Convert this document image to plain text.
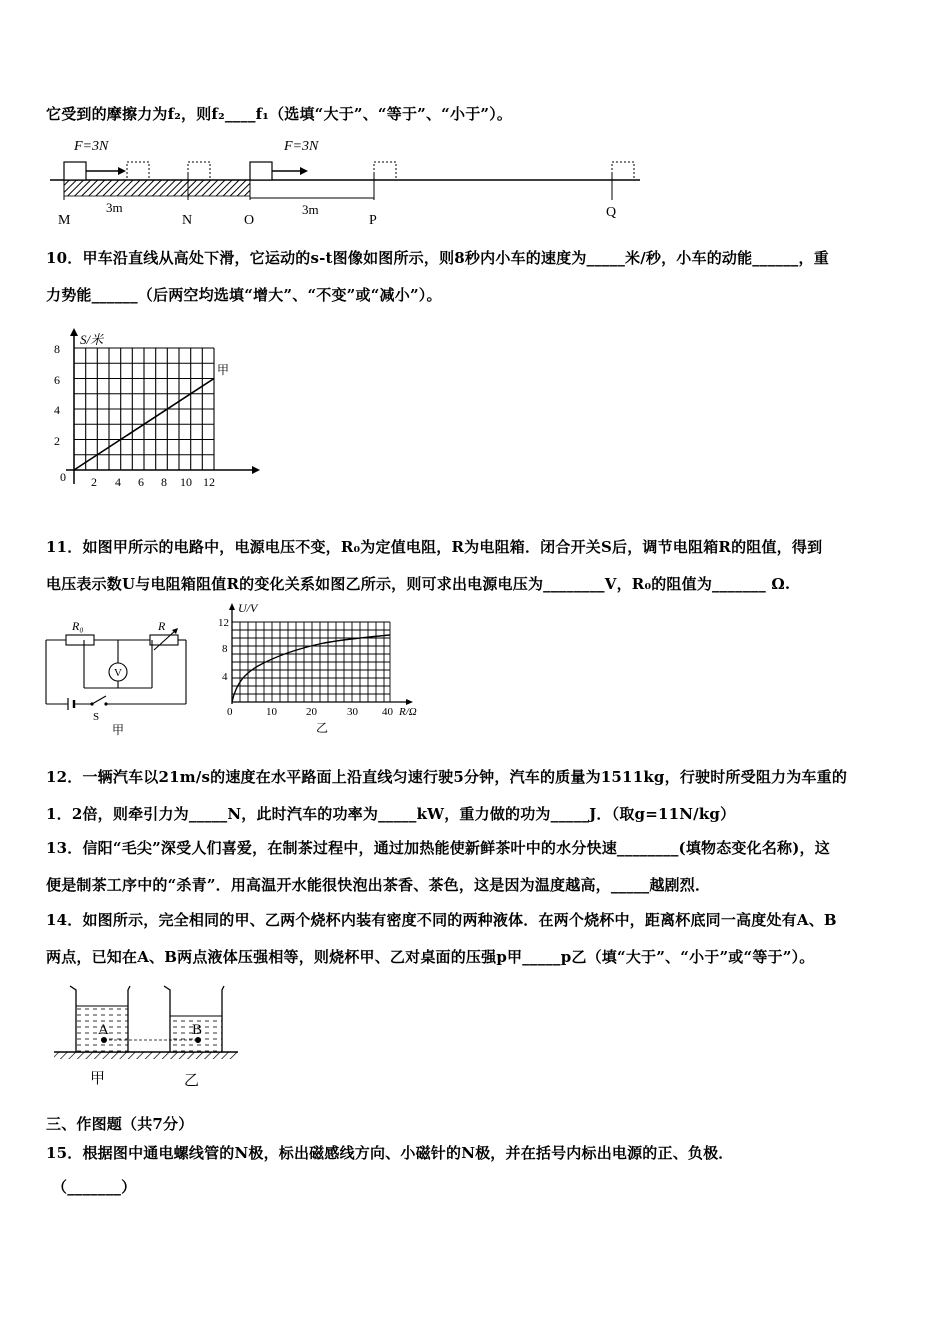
它受到的摩擦力为f₂，则f₂____f₁（选填“大于”、“等于”、“小于”）。
F=3N	F=3N
3m	3m
M	N	O	P
Q
10．甲车沿直线从高处下滑，它运动的s-t图像如图所示，则8秒内小车的速度为_____米/秒，小车的动能______，重
力势能______（后两空均选填“增大”、“不变”或“减小”）。
S/米
甲
8
6
4
2
0 2 4 6 8 10 12
11．如图甲所示的电路中，电源电压不变，R₀为定值电阻，R为电阻箱．闭合开关S后，调节电阻箱R的阻值，得到
电压表示数U与电阻箱阻值R的变化关系如图乙所示，则可求出电源电压为________V，R₀的阻值为_______ Ω.
V
R₀	R
S
甲
U/V
12
8
4
0	10	20	30 40 R/Ω
乙
12．一辆汽车以21m/s的速度在水平路面上沿直线匀速行驶5分钟，汽车的质量为1511kg，行驶时所受阻力为车重的
1．2倍，则牵引力为_____N，此时汽车的功率为_____kW，重力做的功为_____J．（取g=11N/kg）
13．信阳“毛尖”深受人们喜爱，在制茶过程中，通过加热能使新鲜茶叶中的水分快速________(填物态变化名称)，这
便是制茶工序中的“杀青”．用高温开水能很快泡出茶香、茶色，这是因为温度越高，_____越剧烈．
14．如图所示，完全相同的甲、乙两个烧杯内装有密度不同的两种液体．在两个烧杯中，距离杯底同一高度处有A、B
两点，已知在A、B两点液体压强相等，则烧杯甲、乙对桌面的压强p甲_____p乙（填“大于”、“小于”或“等于”）。
A	B
甲	乙
三、作图题（共7分）
15．根据图中通电螺线管的N极，标出磁感线方向、小磁针的N极，并在括号内标出电源的正、负极．
（_______）
